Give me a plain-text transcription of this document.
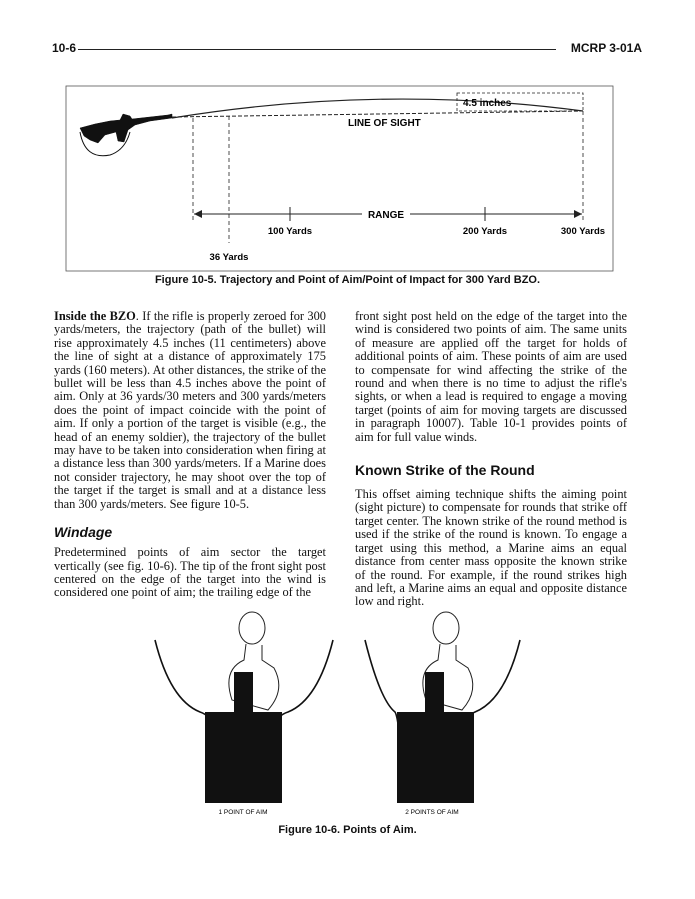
10-6	MCRP 3-01A
4.5 inches
LINE OF SIGHT
RANGE
100 Yards	200 Yards	300 Yards
36 Yards
Figure 10-5. Trajectory and Point of Aim/Point of Impact for 300 Yard BZO.

Inside the BZO. If the rifle is properly zeroed for 300 yards/meters, the trajectory (path of the bullet) will rise approximately 4.5 inches (11 centimeters) above the line of sight at a distance of approximately 175 yards (160 meters). At other distances, the strike of the bullet will be less than 4.5 inches above the point of aim. Only at 36 yards/30 meters and 300 yards/meters does the point of impact coincide with the point of aim. If only a portion of the target is visible (e.g., the head of an enemy soldier), the trajectory of the bullet may have to be taken into consideration when firing at a distance less than 300 yards/meters. If a Marine does not consider trajectory, he may shoot over the top of the target if the target is small and at a distance less than 300 yards/meters. See figure 10-5.

Windage

Predetermined points of aim sector the target vertically (see fig. 10-6). The tip of the front sight post centered on the edge of the target into the wind is considered one point of aim; the trailing edge of the

front sight post held on the edge of the target into the wind is considered two points of aim. The same units of measure are applied off the target for holds of additional points of aim. These points of aim are used to compensate for wind affecting the strike of the round and when there is no time to adjust the rifle's sights, or when a lead is required to engage a moving target (points of aim for moving targets are discussed in paragraph 10007). Table 10-1 provides points of aim for full value winds.

Known Strike of the Round

This offset aiming technique shifts the aiming point (sight picture) to compensate for rounds that strike off target center. The known strike of the round method is used if the strike of the round is known. To engage a target using this method, a Marine aims an equal distance from center mass opposite the known strike of the round. For example, if the round strikes high and left, a Marine aims an equal and opposite distance low and right.

1 POINT OF AIM	2 POINTS OF AIM
Figure 10-6. Points of Aim.
